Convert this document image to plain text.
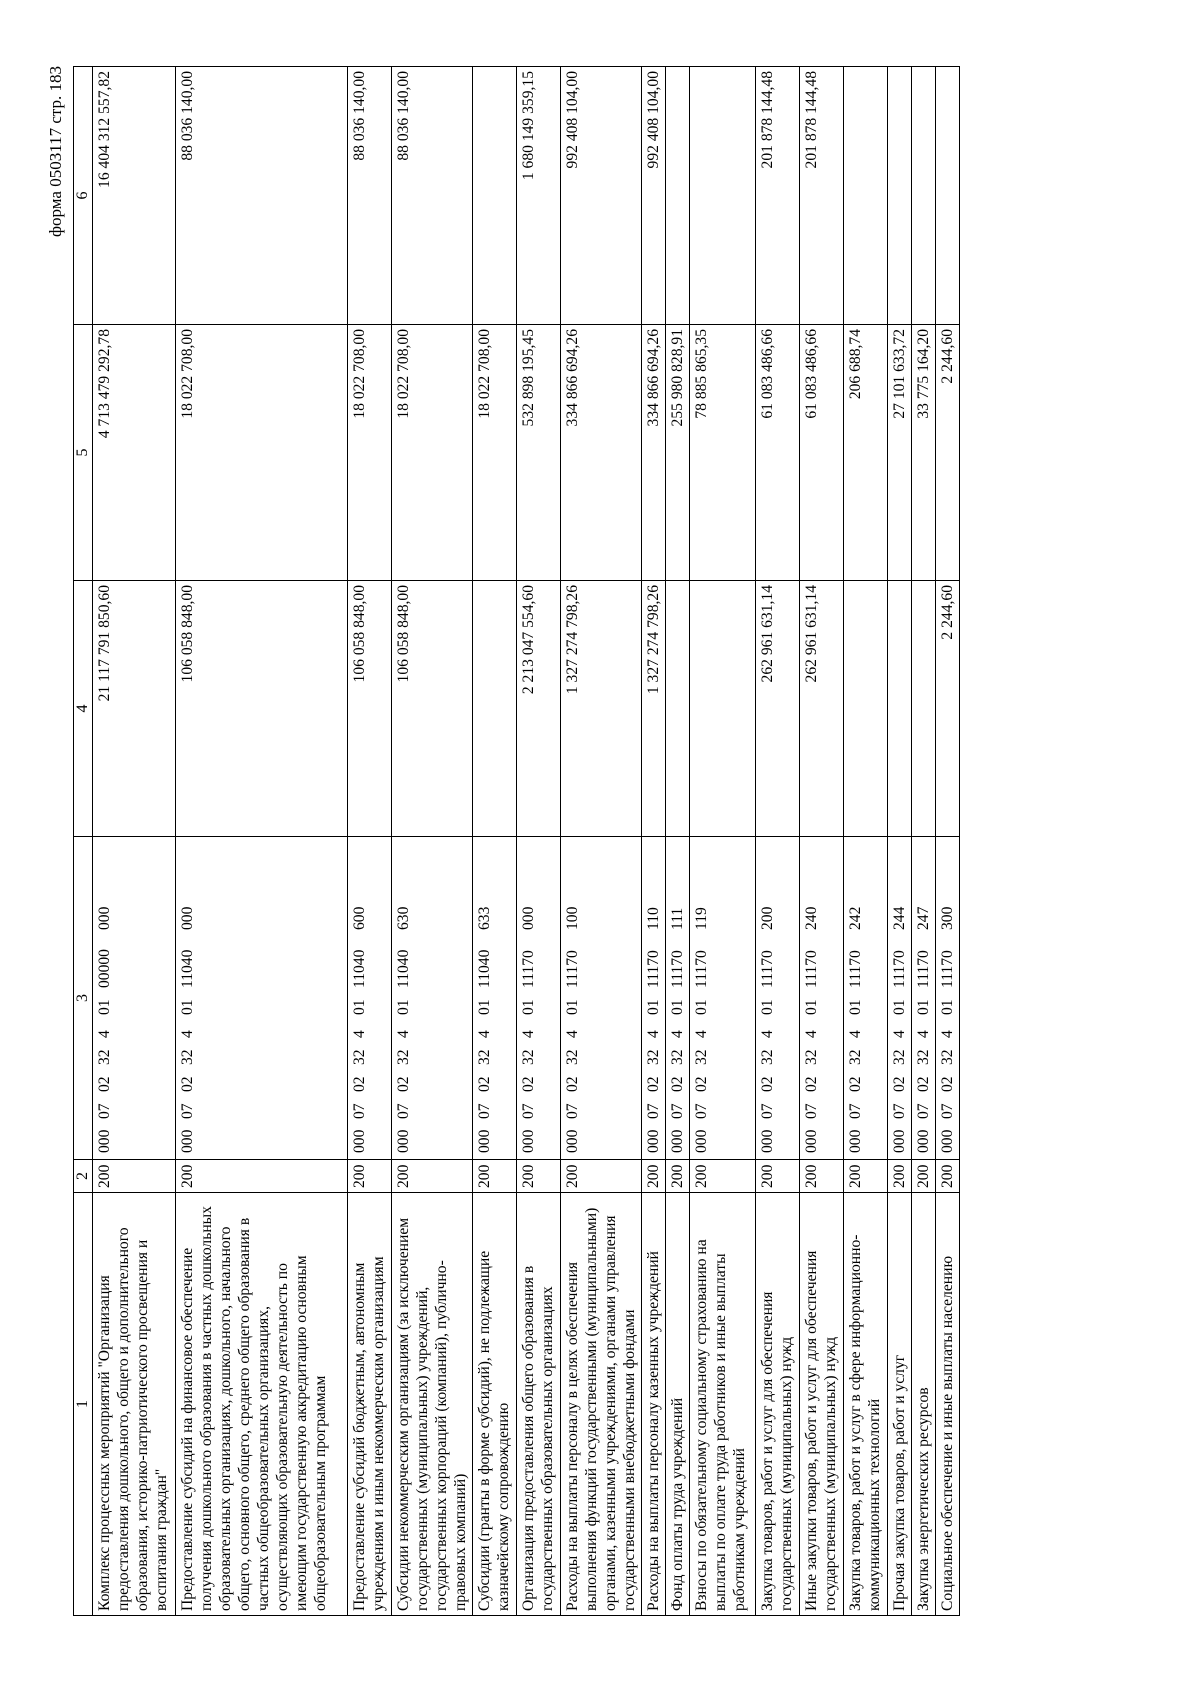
форма 0503117 стр. 183
1	2	3	4	5	6
Комплекс процессных мероприятий "Организация предоставления дошкольного, общего и дополнительного образования, историко-патриотического просвещения и воспитания граждан"	200	00007023240100000000	21 117 791 850,60	4 713 479 292,78	16 404 312 557,82
Предоставление субсидий на финансовое обеспечение получения дошкольного образования в частных дошкольных образовательных организациях, дошкольного, начального общего, основного общего, среднего общего образования в частных общеобразовательных организациях, осуществляющих образовательную деятельность по имеющим государственную аккредитацию основным общеобразовательным программам	200	00007023240111040000	106 058 848,00	18 022 708,00	88 036 140,00
Предоставление субсидий бюджетным, автономным учреждениям и иным некоммерческим организациям	200	00007023240111040600	106 058 848,00	18 022 708,00	88 036 140,00
Субсидии некоммерческим организациям (за исключением государственных (муниципальных) учреждений, государственных корпораций (компаний), публично-правовых компаний)	200	00007023240111040630	106 058 848,00	18 022 708,00	88 036 140,00
Субсидии (гранты в форме субсидий), не подлежащие казначейскому сопровождению	200	00007023240111040633		18 022 708,00	
Организация предоставления общего образования в государственных образовательных организациях	200	00007023240111170000	2 213 047 554,60	532 898 195,45	1 680 149 359,15
Расходы на выплаты персоналу в целях обеспечения выполнения функций государственными (муниципальными) органами, казенными учреждениями, органами управления государственными внебюджетными фондами	200	00007023240111170100	1 327 274 798,26	334 866 694,26	992 408 104,00
Расходы на выплаты персоналу казенных учреждений	200	00007023240111170110	1 327 274 798,26	334 866 694,26	992 408 104,00
Фонд оплаты труда учреждений	200	00007023240111170111		255 980 828,91	
Взносы по обязательному социальному страхованию на выплаты по оплате труда работников и иные выплаты работникам учреждений	200	00007023240111170119		78 885 865,35	
Закупка товаров, работ и услуг для обеспечения государственных (муниципальных) нужд	200	00007023240111170200	262 961 631,14	61 083 486,66	201 878 144,48
Иные закупки товаров, работ и услуг для обеспечения государственных (муниципальных) нужд	200	00007023240111170240	262 961 631,14	61 083 486,66	201 878 144,48
Закупка товаров, работ и услуг в сфере информационно-коммуникационных технологий	200	00007023240111170242		206 688,74	
Прочая закупка товаров, работ и услуг	200	00007023240111170244		27 101 633,72	
Закупка энергетических ресурсов	200	00007023240111170247		33 775 164,20	
Социальное обеспечение и иные выплаты населению	200	00007023240111170300	2 244,60	2 244,60	
